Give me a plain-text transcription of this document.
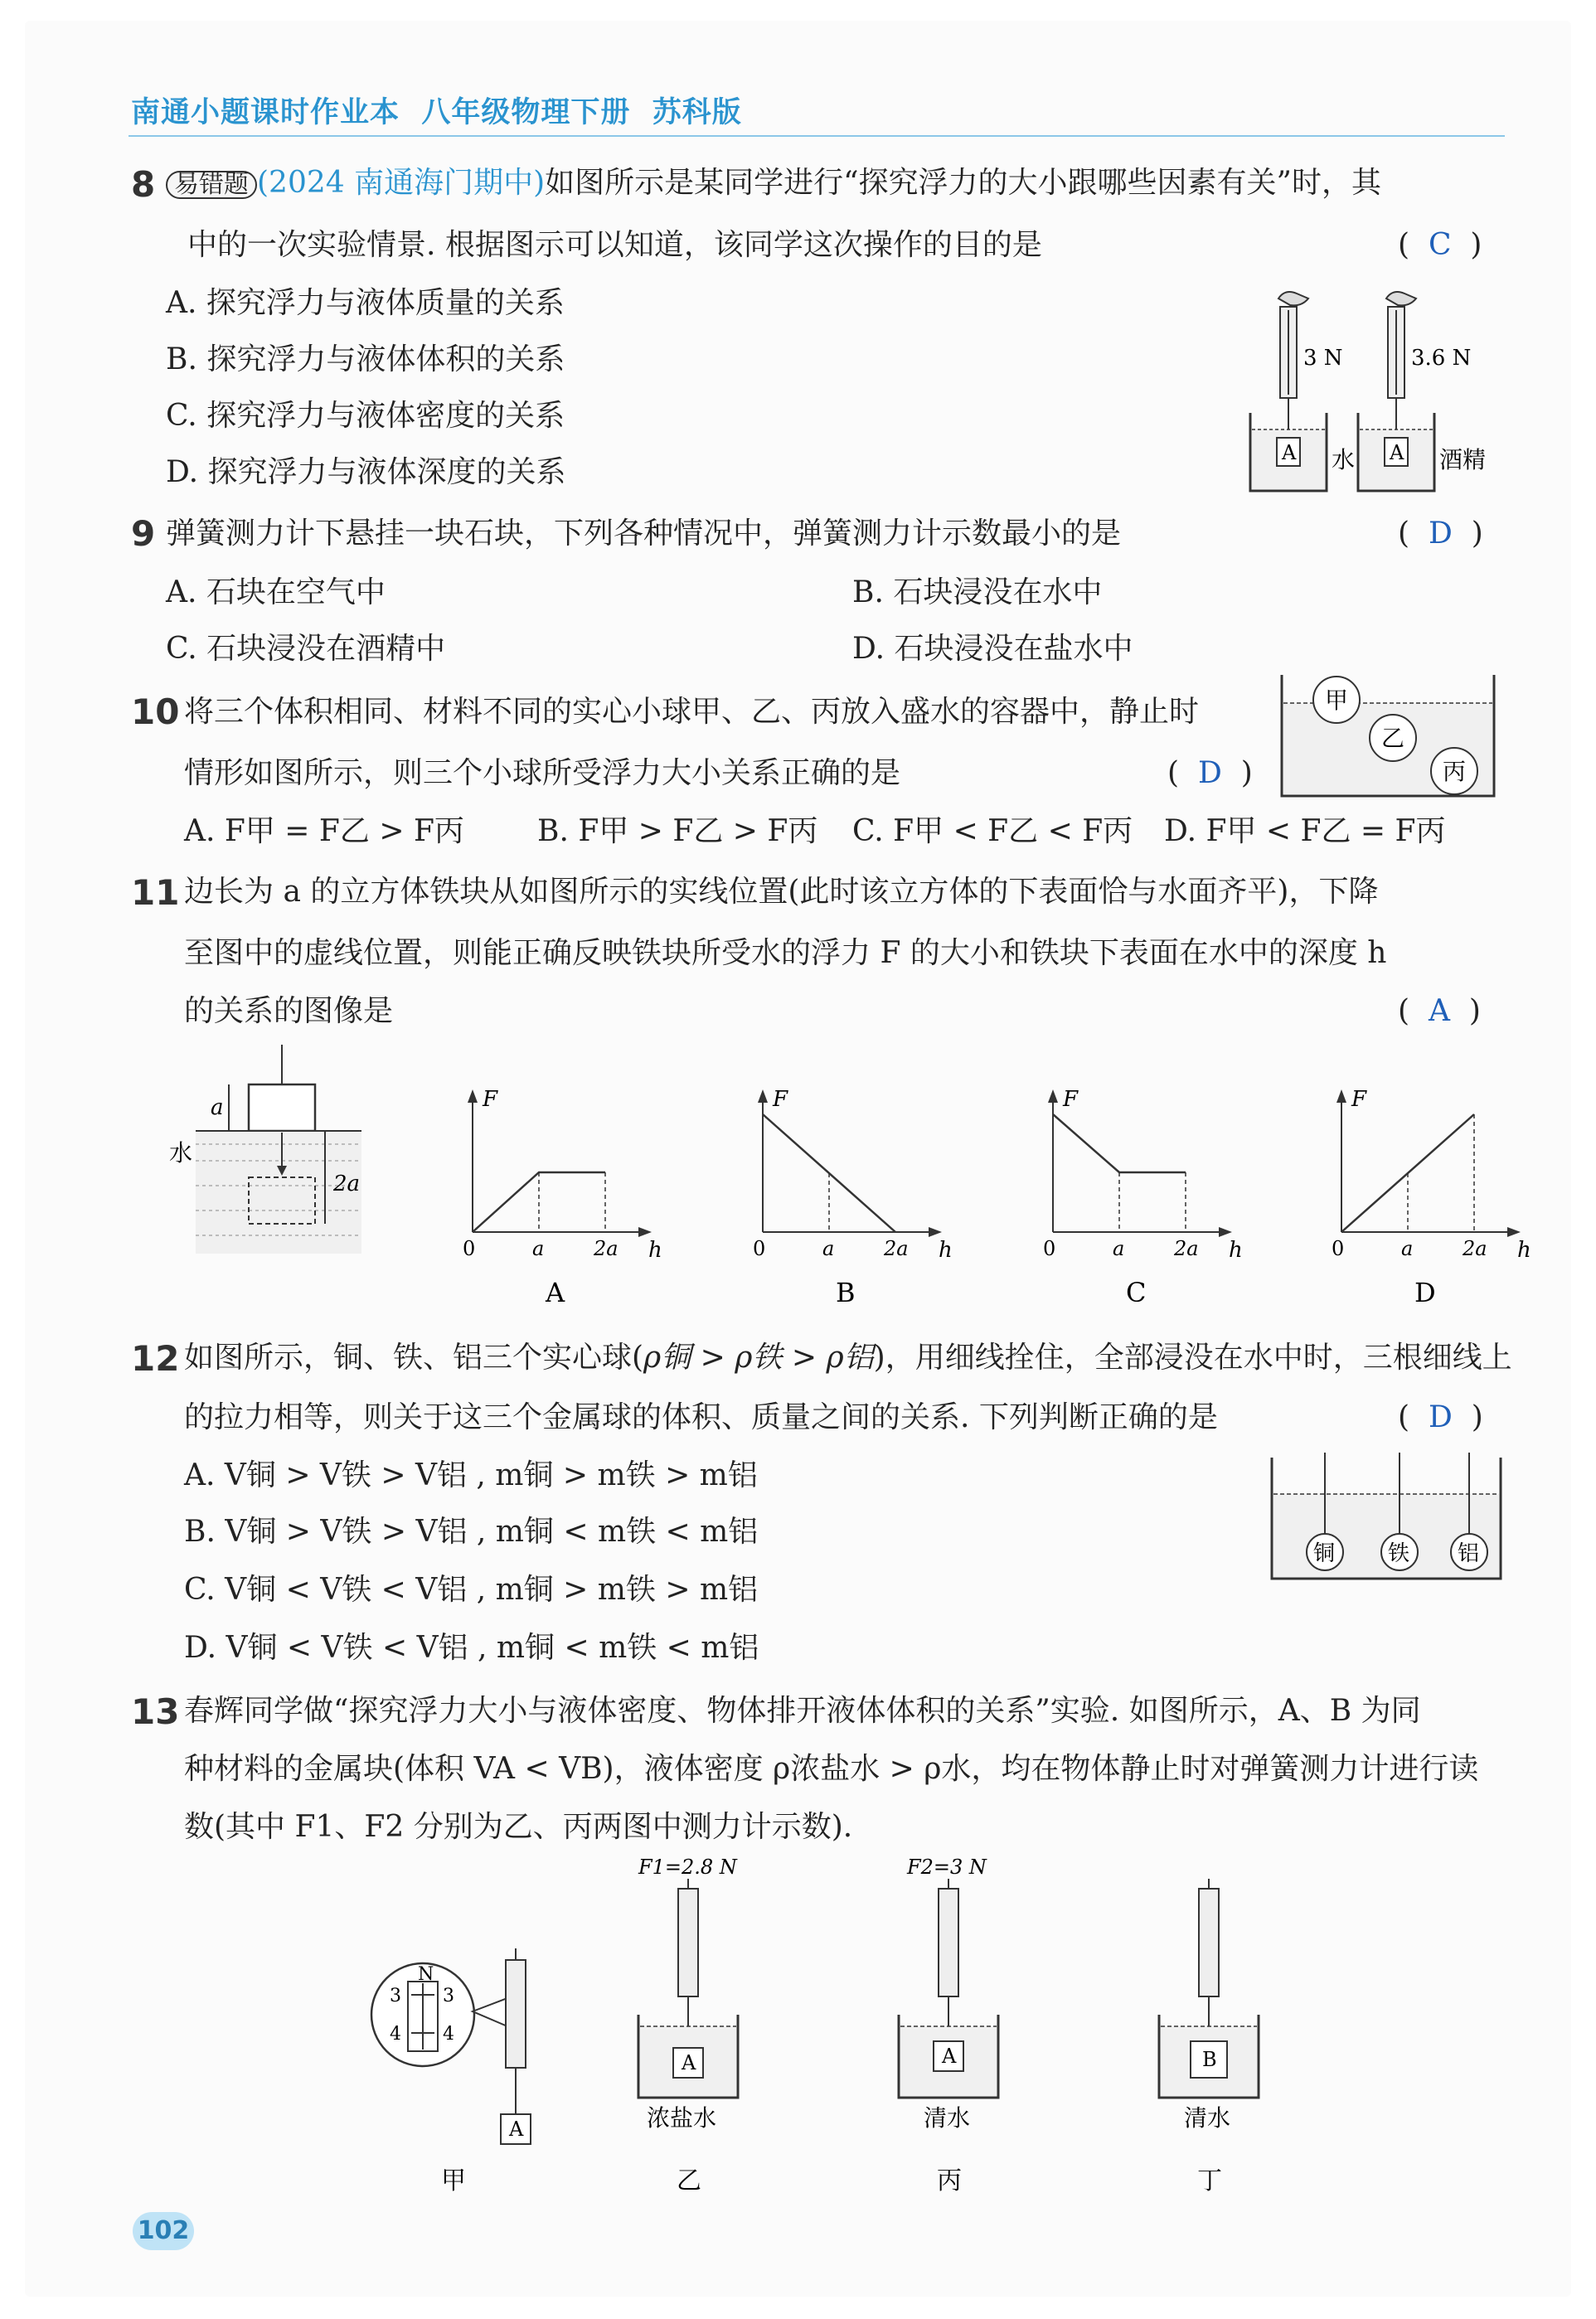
南通小题课时作业本  八年级物理下册  苏科版
8 易错题 (2024 南通海门期中)如图所示是某同学进行“探究浮力的大小跟哪些因素有关”时，其
中的一次实验情景. 根据图示可以知道，该同学这次操作的目的是	(  C  )
A. 探究浮力与液体质量的关系
B. 探究浮力与液体体积的关系
C. 探究浮力与液体密度的关系
D. 探究浮力与液体深度的关系
3 N
A 水
3.6 N
A 酒精
9 弹簧测力计下悬挂一块石块，下列各种情况中，弹簧测力计示数最小的是	(  D  )
A. 石块在空气中	B. 石块浸没在水中
C. 石块浸没在酒精中	D. 石块浸没在盐水中
10 将三个体积相同、材料不同的实心小球甲、乙、丙放入盛水的容器中，静止时
情形如图所示，则三个小球所受浮力大小关系正确的是	(  D  )
A. F甲 = F乙 > F丙 B. F甲 > F乙 > F丙 C. F甲 < F乙 < F丙 D. F甲 < F乙 = F丙
甲
乙
丙
11 边长为 a 的立方体铁块从如图所示的实线位置(此时该立方体的下表面恰与水面齐平)，下降
至图中的虚线位置，则能正确反映铁块所受水的浮力 F 的大小和铁块下表面在水中的深度 h
的关系的图像是	(  A  )
a
2a
水
F
h
0	a 2a
A
F
h
0	a 2a
B
F
h
0	a 2a
C
F
h
0	a 2a
D
12 如图所示，铜、铁、铝三个实心球(ρ铜 > ρ铁 > ρ铝)，用细线拴住，全部浸没在水中时，三根细线上
的拉力相等，则关于这三个金属球的体积、质量之间的关系. 下列判断正确的是	(  D  )
A. V铜 > V铁 > V铝 , m铜 > m铁 > m铝
B. V铜 > V铁 > V铝 , m铜 < m铁 < m铝
C. V铜 < V铁 < V铝 , m铜 > m铁 > m铝
D. V铜 < V铁 < V铝 , m铜 < m铁 < m铝
铜 铁 铝
13 春辉同学做“探究浮力大小与液体密度、物体排开液体体积的关系”实验. 如图所示，A、B 为同
种材料的金属块(体积 VA < VB)，液体密度 ρ浓盐水 > ρ水，均在物体静止时对弹簧测力计进行读
数(其中 F1、F2 分别为乙、丙两图中测力计示数).
N
3
4
3
4
A
甲
F1=2.8 N
A
浓盐水
乙
F2=3 N
A
清水
丙
B
清水
丁
102
